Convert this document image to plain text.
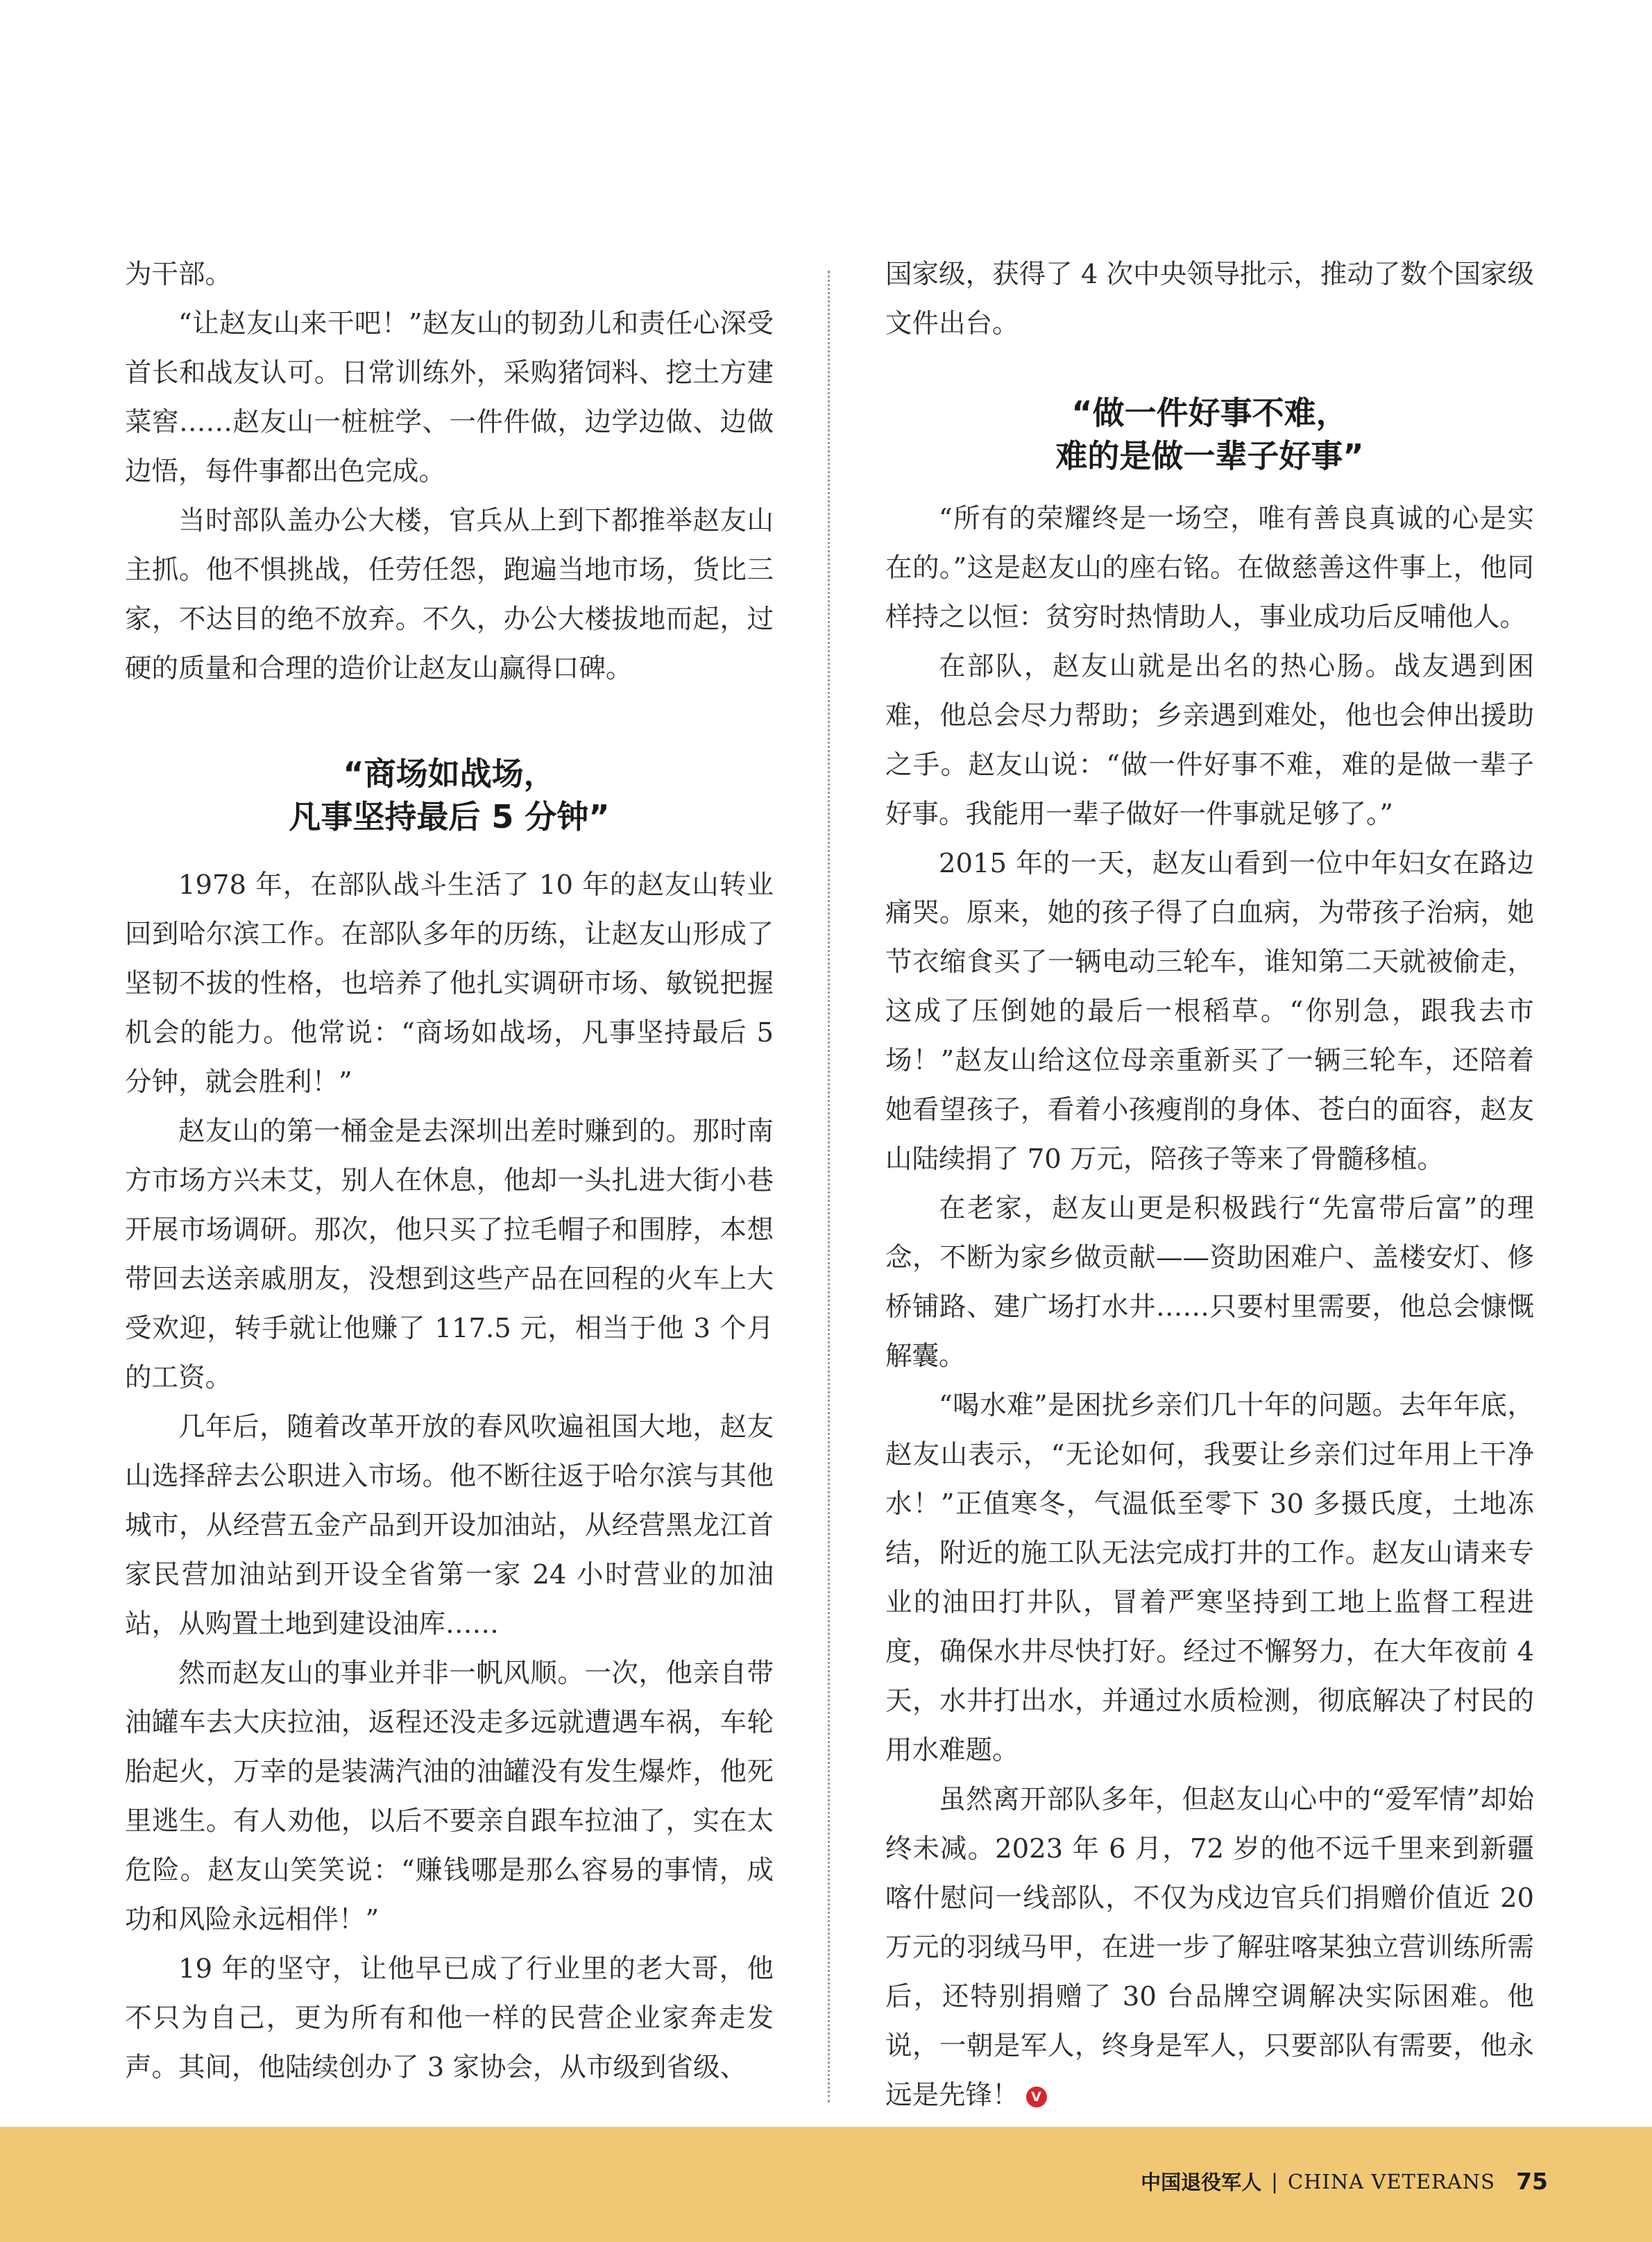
为干部。

“让赵友山来干吧！”赵友山的韧劲儿和责任心深受首长和战友认可。日常训练外，采购猪饲料、挖土方建菜窖……赵友山一桩桩学、一件件做，边学边做、边做边悟，每件事都出色完成。

当时部队盖办公大楼，官兵从上到下都推举赵友山主抓。他不惧挑战，任劳任怨，跑遍当地市场，货比三家，不达目的绝不放弃。不久，办公大楼拔地而起，过硬的质量和合理的造价让赵友山赢得口碑。

“商场如战场，
凡事坚持最后 5 分钟”

1978 年，在部队战斗生活了 10 年的赵友山转业回到哈尔滨工作。在部队多年的历练，让赵友山形成了坚韧不拔的性格，也培养了他扎实调研市场、敏锐把握机会的能力。他常说：“商场如战场，凡事坚持最后 5 分钟，就会胜利！”

赵友山的第一桶金是去深圳出差时赚到的。那时南方市场方兴未艾，别人在休息，他却一头扎进大街小巷开展市场调研。那次，他只买了拉毛帽子和围脖，本想带回去送亲戚朋友，没想到这些产品在回程的火车上大受欢迎，转手就让他赚了 117.5 元，相当于他 3 个月的工资。

几年后，随着改革开放的春风吹遍祖国大地，赵友山选择辞去公职进入市场。他不断往返于哈尔滨与其他城市，从经营五金产品到开设加油站，从经营黑龙江首家民营加油站到开设全省第一家 24 小时营业的加油站，从购置土地到建设油库……

然而赵友山的事业并非一帆风顺。一次，他亲自带油罐车去大庆拉油，返程还没走多远就遭遇车祸，车轮胎起火，万幸的是装满汽油的油罐没有发生爆炸，他死里逃生。有人劝他，以后不要亲自跟车拉油了，实在太危险。赵友山笑笑说：“赚钱哪是那么容易的事情，成功和风险永远相伴！”

19 年的坚守，让他早已成了行业里的老大哥，他不只为自己，更为所有和他一样的民营企业家奔走发声。其间，他陆续创办了 3 家协会，从市级到省级、

国家级，获得了 4 次中央领导批示，推动了数个国家级文件出台。

“做一件好事不难，
难的是做一辈子好事”

“所有的荣耀终是一场空，唯有善良真诚的心是实在的。”这是赵友山的座右铭。在做慈善这件事上，他同样持之以恒：贫穷时热情助人，事业成功后反哺他人。

在部队，赵友山就是出名的热心肠。战友遇到困难，他总会尽力帮助；乡亲遇到难处，他也会伸出援助之手。赵友山说：“做一件好事不难，难的是做一辈子好事。我能用一辈子做好一件事就足够了。”

2015 年的一天，赵友山看到一位中年妇女在路边痛哭。原来，她的孩子得了白血病，为带孩子治病，她节衣缩食买了一辆电动三轮车，谁知第二天就被偷走，这成了压倒她的最后一根稻草。“你别急，跟我去市场！”赵友山给这位母亲重新买了一辆三轮车，还陪着她看望孩子，看着小孩瘦削的身体、苍白的面容，赵友山陆续捐了 70 万元，陪孩子等来了骨髓移植。

在老家，赵友山更是积极践行“先富带后富”的理念，不断为家乡做贡献——资助困难户、盖楼安灯、修桥铺路、建广场打水井……只要村里需要，他总会慷慨解囊。

“喝水难”是困扰乡亲们几十年的问题。去年年底，赵友山表示，“无论如何，我要让乡亲们过年用上干净水！”正值寒冬，气温低至零下 30 多摄氏度，土地冻结，附近的施工队无法完成打井的工作。赵友山请来专业的油田打井队，冒着严寒坚持到工地上监督工程进度，确保水井尽快打好。经过不懈努力，在大年夜前 4 天，水井打出水，并通过水质检测，彻底解决了村民的用水难题。

虽然离开部队多年，但赵友山心中的“爱军情”却始终未减。2023 年 6 月，72 岁的他不远千里来到新疆喀什慰问一线部队，不仅为戍边官兵们捐赠价值近 20 万元的羽绒马甲，在进一步了解驻喀某独立营训练所需后，还特别捐赠了 30 台品牌空调解决实际困难。他说，一朝是军人，终身是军人，只要部队有需要，他永远是先锋！ V

中国退役军人 | CHINA VETERANS 75
